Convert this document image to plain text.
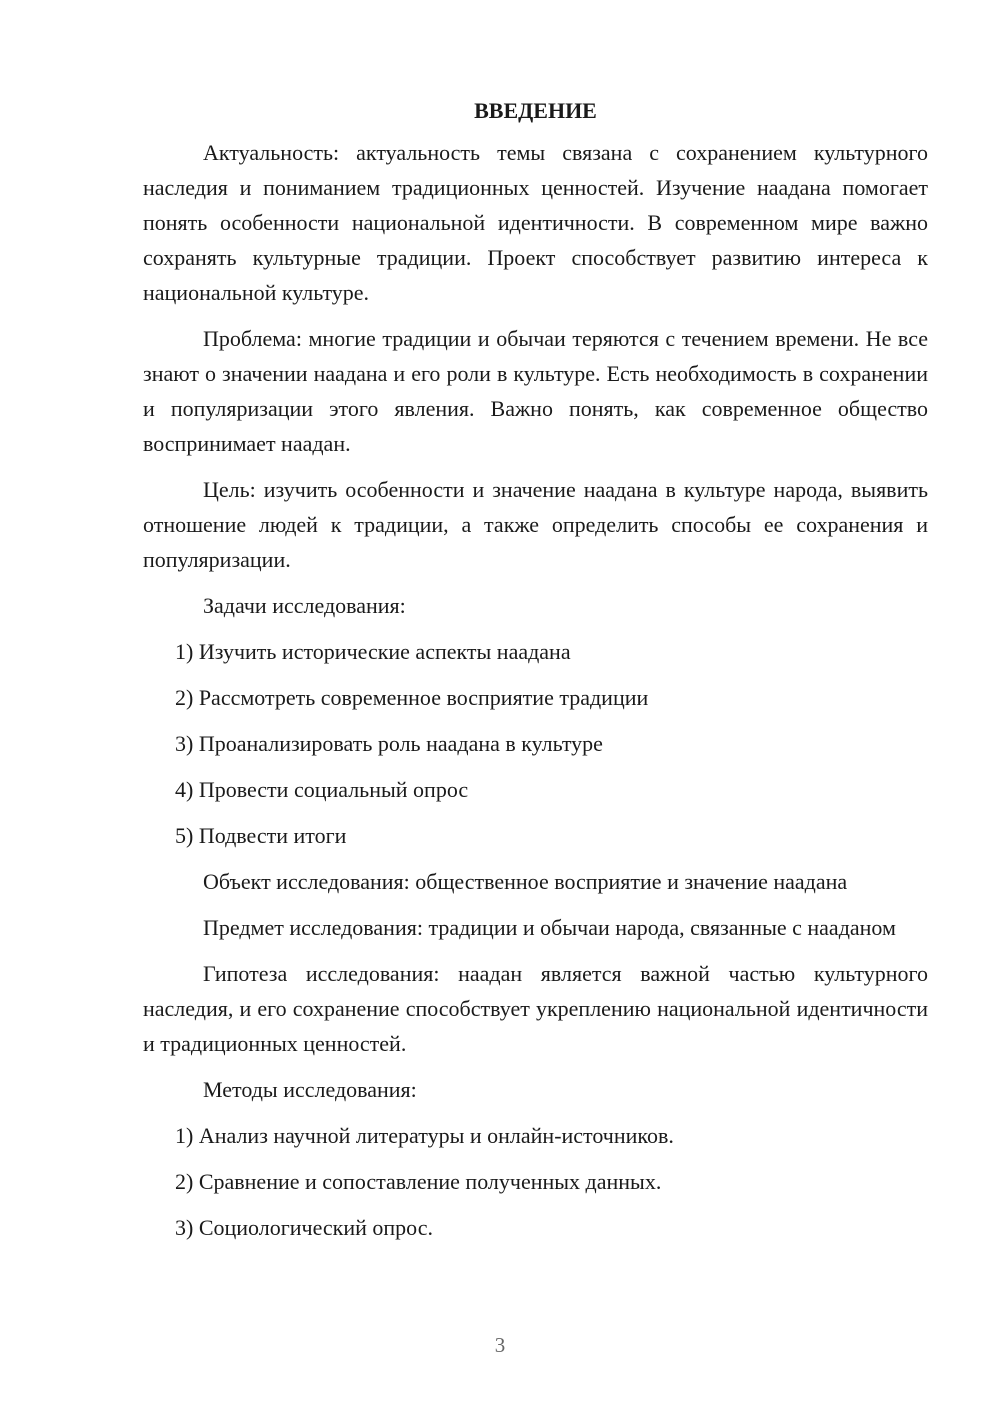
ВВЕДЕНИЕ

Актуальность: актуальность темы связана с сохранением культурного наследия и пониманием традиционных ценностей. Изучение наадана помогает понять особенности национальной идентичности. В современном мире важно сохранять культурные традиции. Проект способствует развитию интереса к национальной культуре.

Проблема: многие традиции и обычаи теряются с течением времени. Не все знают о значении наадана и его роли в культуре. Есть необходимость в сохранении и популяризации этого явления. Важно понять, как современное общество воспринимает наадан.

Цель: изучить особенности и значение наадана в культуре народа, выявить отношение людей к традиции, а также определить способы ее сохранения и популяризации.

Задачи исследования:

1) Изучить исторические аспекты наадана

2) Рассмотреть современное восприятие традиции

3) Проанализировать роль наадана в культуре

4) Провести социальный опрос

5) Подвести итоги

Объект исследования: общественное восприятие и значение наадана

Предмет исследования: традиции и обычаи народа, связанные с нааданом

Гипотеза исследования: наадан является важной частью культурного наследия, и его сохранение способствует укреплению национальной идентичности и традиционных ценностей.

Методы исследования:

1) Анализ научной литературы и онлайн-источников.

2) Сравнение и сопоставление полученных данных.

3) Социологический опрос.

3
